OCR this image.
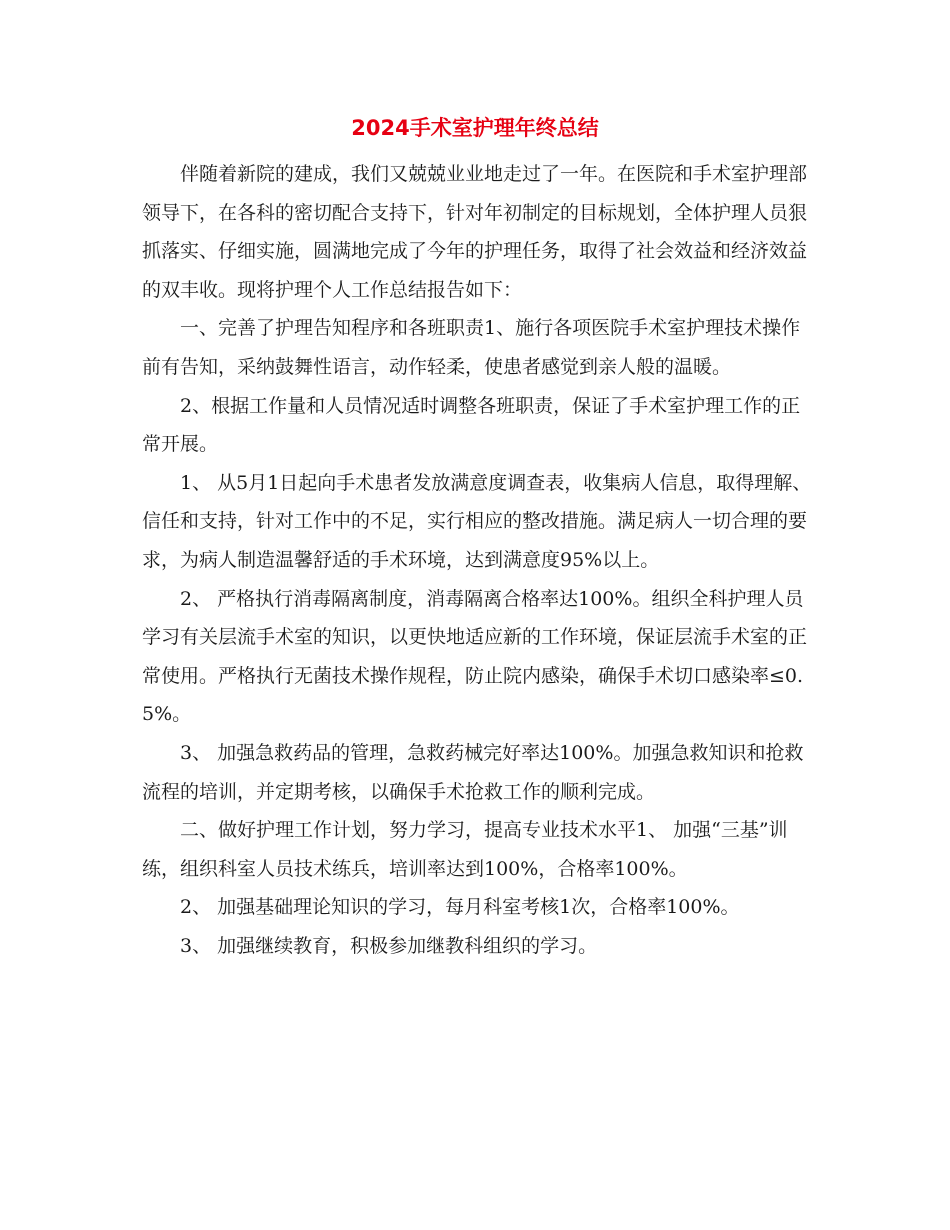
2024手术室护理年终总结

伴随着新院的建成，我们又兢兢业业地走过了一年。在医院和手术室护理部领导下，在各科的密切配合支持下，针对年初制定的目标规划，全体护理人员狠抓落实、仔细实施，圆满地完成了今年的护理任务，取得了社会效益和经济效益的双丰收。现将护理个人工作总结报告如下：

一、完善了护理告知程序和各班职责1、施行各项医院手术室护理技术操作前有告知，采纳鼓舞性语言，动作轻柔，使患者感觉到亲人般的温暖。

2、根据工作量和人员情况适时调整各班职责，保证了手术室护理工作的正常开展。

1、 从5月1日起向手术患者发放满意度调查表，收集病人信息，取得理解、信任和支持，针对工作中的不足，实行相应的整改措施。满足病人一切合理的要求，为病人制造温馨舒适的手术环境，达到满意度95%以上。

2、 严格执行消毒隔离制度，消毒隔离合格率达100%。组织全科护理人员学习有关层流手术室的知识，以更快地适应新的工作环境，保证层流手术室的正常使用。严格执行无菌技术操作规程，防止院内感染，确保手术切口感染率≤0.5%。

3、 加强急救药品的管理，急救药械完好率达100%。加强急救知识和抢救流程的培训，并定期考核，以确保手术抢救工作的顺利完成。

二、做好护理工作计划，努力学习，提高专业技术水平1、 加强“三基”训练，组织科室人员技术练兵，培训率达到100%，合格率100%。

2、 加强基础理论知识的学习，每月科室考核1次，合格率100%。

3、 加强继续教育，积极参加继教科组织的学习。
